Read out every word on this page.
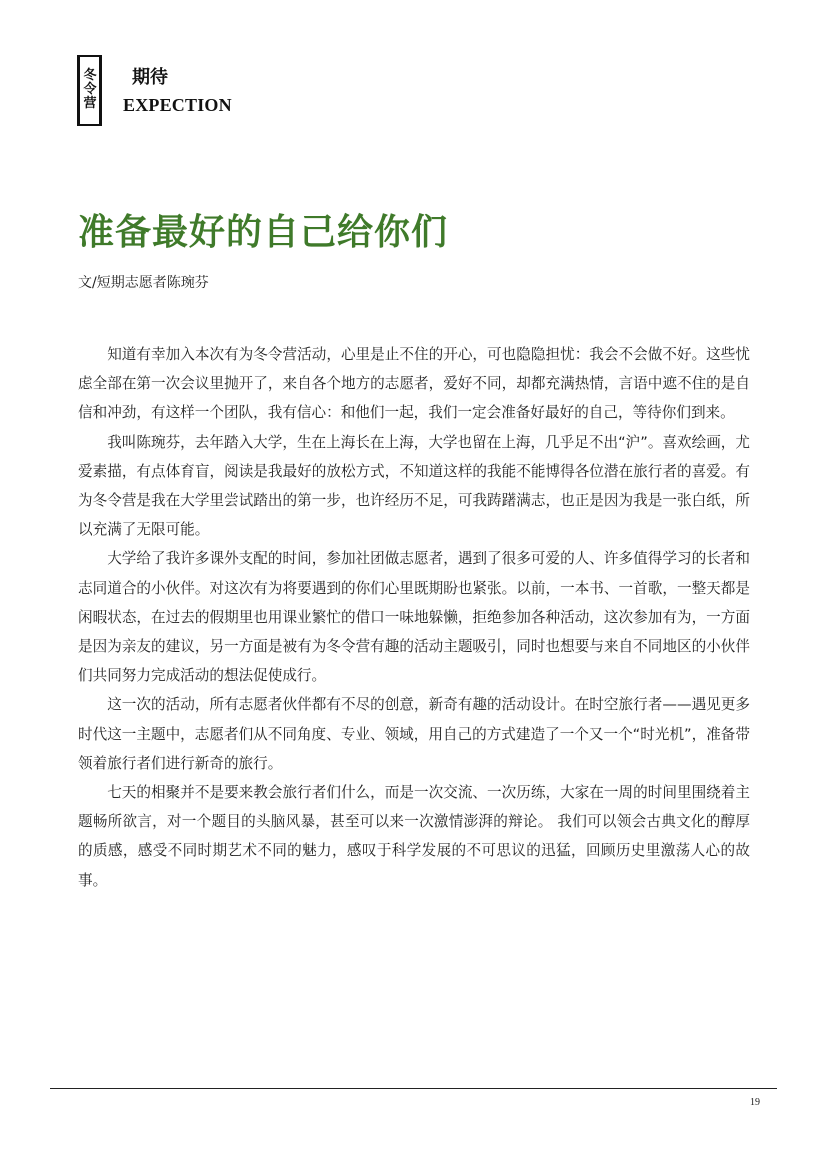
冬令营
期待
EXPECTION
准备最好的自己给你们
文/短期志愿者陈琬芬

知道有幸加入本次有为冬令营活动，心里是止不住的开心，可也隐隐担忧：我会不会做不好。这些忧虑全部在第一次会议里抛开了，来自各个地方的志愿者，爱好不同，却都充满热情，言语中遮不住的是自信和冲劲，有这样一个团队，我有信心：和他们一起，我们一定会准备好最好的自己，等待你们到来。

我叫陈琬芬，去年踏入大学，生在上海长在上海，大学也留在上海，几乎足不出“沪”。喜欢绘画，尤爱素描，有点体育盲，阅读是我最好的放松方式，不知道这样的我能不能博得各位潜在旅行者的喜爱。有为冬令营是我在大学里尝试踏出的第一步，也许经历不足，可我踌躇满志，也正是因为我是一张白纸，所以充满了无限可能。

大学给了我许多课外支配的时间，参加社团做志愿者，遇到了很多可爱的人、许多值得学习的长者和志同道合的小伙伴。对这次有为将要遇到的你们心里既期盼也紧张。以前，一本书、一首歌，一整天都是闲暇状态，在过去的假期里也用课业繁忙的借口一味地躲懒，拒绝参加各种活动，这次参加有为，一方面是因为亲友的建议，另一方面是被有为冬令营有趣的活动主题吸引，同时也想要与来自不同地区的小伙伴们共同努力完成活动的想法促使成行。

这一次的活动，所有志愿者伙伴都有不尽的创意，新奇有趣的活动设计。在时空旅行者——遇见更多时代这一主题中，志愿者们从不同角度、专业、领域，用自己的方式建造了一个又一个“时光机”，准备带领着旅行者们进行新奇的旅行。

七天的相聚并不是要来教会旅行者们什么，而是一次交流、一次历练，大家在一周的时间里围绕着主题畅所欲言，对一个题目的头脑风暴，甚至可以来一次激情澎湃的辩论。 我们可以领会古典文化的醇厚的质感，感受不同时期艺术不同的魅力，感叹于科学发展的不可思议的迅猛，回顾历史里激荡人心的故事。

19
